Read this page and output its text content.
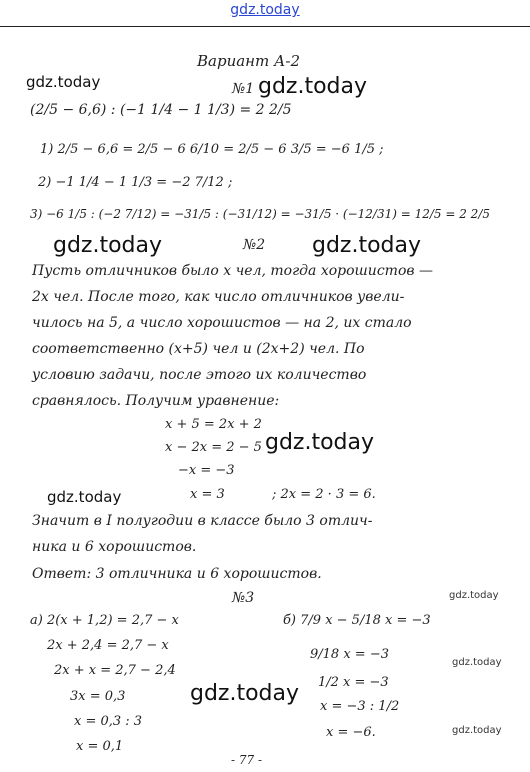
gdz.today
Вариант А-2
№1
(2/5 − 6,6) : (−1 1/4 − 1 1/3) = 2 2/5
1) 2/5 − 6,6 = 2/5 − 6 6/10 = 2/5 − 6 3/5 = −6 1/5 ;
2) −1 1/4 − 1 1/3 = −2 7/12 ;
3) −6 1/5 : (−2 7/12) = −31/5 : (−31/12) = −31/5 · (−12/31) = 12/5 = 2 2/5
№2
Пусть отличников было x чел, тогда хорошистов —
2x чел. После того, как число отличников увели-
чилось на 5, а число хорошистов — на 2, их стало
соответственно (x+5) чел и (2x+2) чел. По
условию задачи, после этого их количество
сравнялось. Получим уравнение:
x + 5 = 2x + 2
x − 2x = 2 − 5
−x = −3
x = 3	; 2x = 2 · 3 = 6.
Значит в I полугодии в классе было 3 отлич-
ника и 6 хорошистов.
Ответ: 3 отличника и 6 хорошистов.
№3
а) 2(x + 1,2) = 2,7 − x
2x + 2,4 = 2,7 − x
2x + x = 2,7 − 2,4
3x = 0,3
x = 0,3 : 3
x = 0,1
б) 7/9 x − 5/18 x = −3
9/18 x = −3
1/2 x = −3
x = −3 : 1/2
x = −6.
- 77 -
gdz.today	gdz.today
gdz.today	gdz.today
gdz.today
gdz.today
gdz.today
gdz.today
gdz.today
gdz.today
